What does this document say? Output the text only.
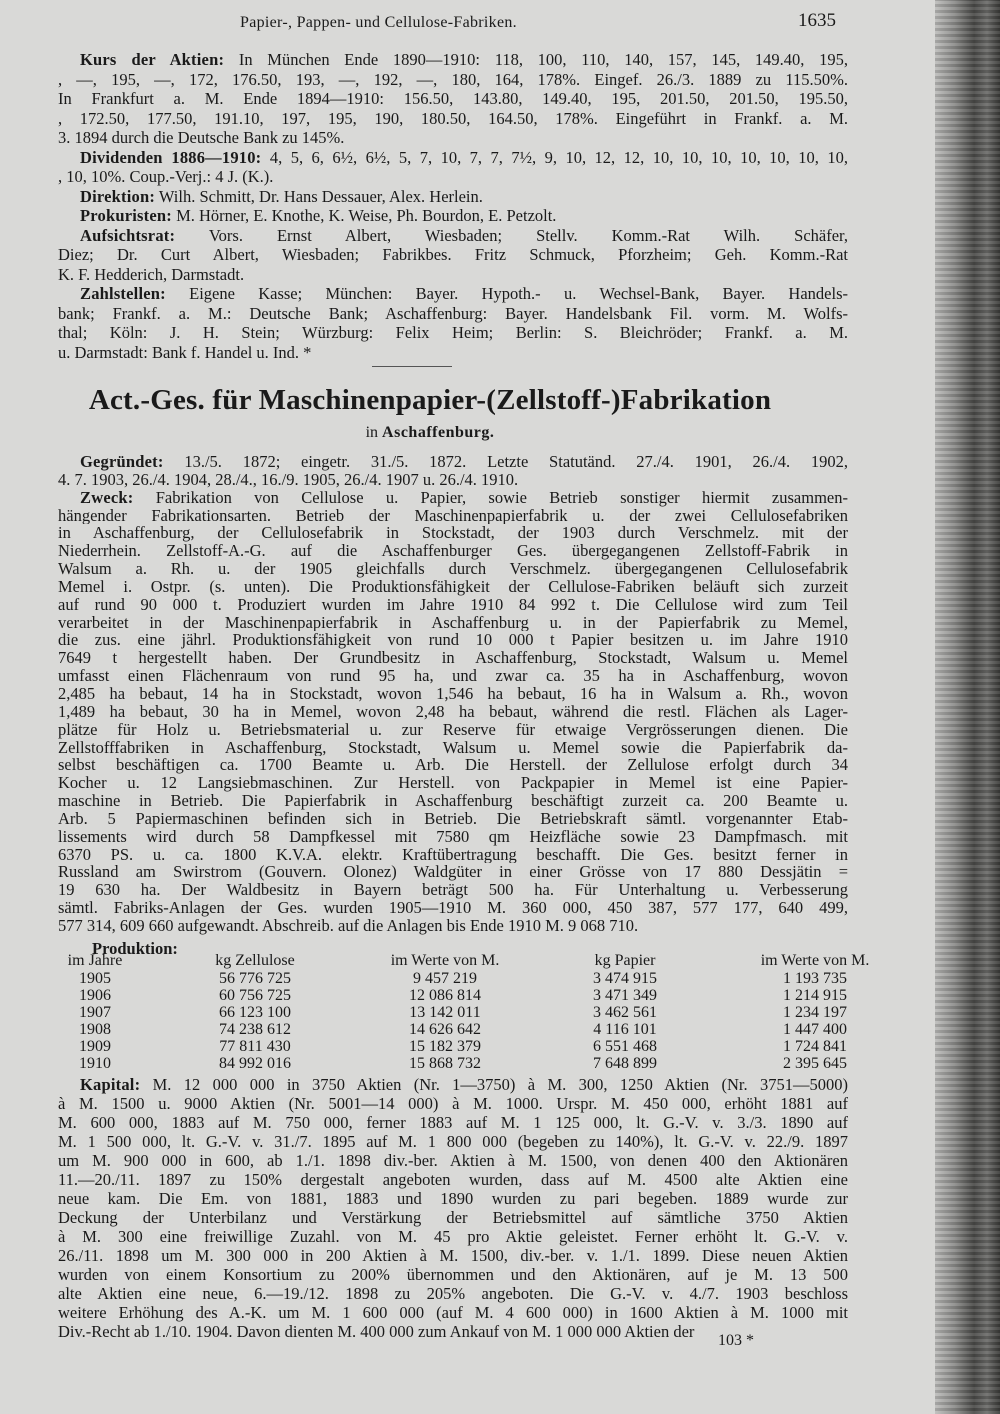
Papier-, Pappen- und Cellulose-Fabriken.	1635
Kurs der Aktien: In München Ende 1890—1910: 118, 100, 110, 140, 157, 145, 149.40, 195,
, —, 195, —, 172, 176.50, 193, —, 192, —, 180, 164, 178%. Eingef. 26./3. 1889 zu 115.50%.
In Frankfurt a. M. Ende 1894—1910: 156.50, 143.80, 149.40, 195, 201.50, 201.50, 195.50,
, 172.50, 177.50, 191.10, 197, 195, 190, 180.50, 164.50, 178%. Eingeführt in Frankf. a. M.
3. 1894 durch die Deutsche Bank zu 145%.
Dividenden 1886—1910: 4, 5, 6, 6½, 6½, 5, 7, 10, 7, 7, 7½, 9, 10, 12, 12, 10, 10, 10, 10, 10, 10, 10,
, 10, 10%. Coup.-Verj.: 4 J. (K.).
Direktion: Wilh. Schmitt, Dr. Hans Dessauer, Alex. Herlein.
Prokuristen: M. Hörner, E. Knothe, K. Weise, Ph. Bourdon, E. Petzolt.
Aufsichtsrat: Vors. Ernst Albert, Wiesbaden; Stellv. Komm.-Rat Wilh. Schäfer,
Diez; Dr. Curt Albert, Wiesbaden; Fabrikbes. Fritz Schmuck, Pforzheim; Geh. Komm.-Rat
K. F. Hedderich, Darmstadt.
Zahlstellen: Eigene Kasse; München: Bayer. Hypoth.- u. Wechsel-Bank, Bayer. Handels-
bank; Frankf. a. M.: Deutsche Bank; Aschaffenburg: Bayer. Handelsbank Fil. vorm. M. Wolfs-
thal; Köln: J. H. Stein; Würzburg: Felix Heim; Berlin: S. Bleichröder; Frankf. a. M.
u. Darmstadt: Bank f. Handel u. Ind. *
Act.-Ges. für Maschinenpapier-(Zellstoff-)Fabrikation
in Aschaffenburg.
Gegründet: 13./5. 1872; eingetr. 31./5. 1872. Letzte Statutänd. 27./4. 1901, 26./4. 1902,
4. 7. 1903, 26./4. 1904, 28./4., 16./9. 1905, 26./4. 1907 u. 26./4. 1910.
Zweck: Fabrikation von Cellulose u. Papier, sowie Betrieb sonstiger hiermit zusammen-
hängender Fabrikationsarten. Betrieb der Maschinenpapierfabrik u. der zwei Cellulosefabriken
in Aschaffenburg, der Cellulosefabrik in Stockstadt, der 1903 durch Verschmelz. mit der
Niederrhein. Zellstoff-A.-G. auf die Aschaffenburger Ges. übergegangenen Zellstoff-Fabrik in
Walsum a. Rh. u. der 1905 gleichfalls durch Verschmelz. übergegangenen Cellulosefabrik
Memel i. Ostpr. (s. unten). Die Produktionsfähigkeit der Cellulose-Fabriken beläuft sich zurzeit
auf rund 90 000 t. Produziert wurden im Jahre 1910 84 992 t. Die Cellulose wird zum Teil
verarbeitet in der Maschinenpapierfabrik in Aschaffenburg u. in der Papierfabrik zu Memel,
die zus. eine jährl. Produktionsfähigkeit von rund 10 000 t Papier besitzen u. im Jahre 1910
7649 t hergestellt haben. Der Grundbesitz in Aschaffenburg, Stockstadt, Walsum u. Memel
umfasst einen Flächenraum von rund 95 ha, und zwar ca. 35 ha in Aschaffenburg, wovon
2,485 ha bebaut, 14 ha in Stockstadt, wovon 1,546 ha bebaut, 16 ha in Walsum a. Rh., wovon
1,489 ha bebaut, 30 ha in Memel, wovon 2,48 ha bebaut, während die restl. Flächen als Lager-
plätze für Holz u. Betriebsmaterial u. zur Reserve für etwaige Vergrösserungen dienen. Die
Zellstofffabriken in Aschaffenburg, Stockstadt, Walsum u. Memel sowie die Papierfabrik da-
selbst beschäftigen ca. 1700 Beamte u. Arb. Die Herstell. der Zellulose erfolgt durch 34
Kocher u. 12 Langsiebmaschinen. Zur Herstell. von Packpapier in Memel ist eine Papier-
maschine in Betrieb. Die Papierfabrik in Aschaffenburg beschäftigt zurzeit ca. 200 Beamte u.
Arb. 5 Papiermaschinen befinden sich in Betrieb. Die Betriebskraft sämtl. vorgenannter Etab-
lissements wird durch 58 Dampfkessel mit 7580 qm Heizfläche sowie 23 Dampfmasch. mit
6370 PS. u. ca. 1800 K.V.A. elektr. Kraftübertragung beschafft. Die Ges. besitzt ferner in
Russland am Swirstrom (Gouvern. Olonez) Waldgüter in einer Grösse von 17 880 Dessjätin =
19 630 ha. Der Waldbesitz in Bayern beträgt 500 ha. Für Unterhaltung u. Verbesserung
sämtl. Fabriks-Anlagen der Ges. wurden 1905—1910 M. 360 000, 450 387, 577 177, 640 499,
577 314, 609 660 aufgewandt. Abschreib. auf die Anlagen bis Ende 1910 M. 9 068 710.
Produktion:
im Jahre	kg Zellulose	im Werte von M.	kg Papier	im Werte von M.
1905	56 776 725	9 457 219	3 474 915	1 193 735
1906	60 756 725	12 086 814	3 471 349	1 214 915
1907	66 123 100	13 142 011	3 462 561	1 234 197
1908	74 238 612	14 626 642	4 116 101	1 447 400
1909	77 811 430	15 182 379	6 551 468	1 724 841
1910	84 992 016	15 868 732	7 648 899	2 395 645
Kapital: M. 12 000 000 in 3750 Aktien (Nr. 1—3750) à M. 300, 1250 Aktien (Nr. 3751—5000)
à M. 1500 u. 9000 Aktien (Nr. 5001—14 000) à M. 1000. Urspr. M. 450 000, erhöht 1881 auf
M. 600 000, 1883 auf M. 750 000, ferner 1883 auf M. 1 125 000, lt. G.-V. v. 3./3. 1890 auf
M. 1 500 000, lt. G.-V. v. 31./7. 1895 auf M. 1 800 000 (begeben zu 140%), lt. G.-V. v. 22./9. 1897
um M. 900 000 in 600, ab 1./1. 1898 div.-ber. Aktien à M. 1500, von denen 400 den Aktionären
11.—20./11. 1897 zu 150% dergestalt angeboten wurden, dass auf M. 4500 alte Aktien eine
neue kam. Die Em. von 1881, 1883 und 1890 wurden zu pari begeben. 1889 wurde zur
Deckung der Unterbilanz und Verstärkung der Betriebsmittel auf sämtliche 3750 Aktien
à M. 300 eine freiwillige Zuzahl. von M. 45 pro Aktie geleistet. Ferner erhöht lt. G.-V. v.
26./11. 1898 um M. 300 000 in 200 Aktien à M. 1500, div.-ber. v. 1./1. 1899. Diese neuen Aktien
wurden von einem Konsortium zu 200% übernommen und den Aktionären, auf je M. 13 500
alte Aktien eine neue, 6.—19./12. 1898 zu 205% angeboten. Die G.-V. v. 4./7. 1903 beschloss
weitere Erhöhung des A.-K. um M. 1 600 000 (auf M. 4 600 000) in 1600 Aktien à M. 1000 mit
Div.-Recht ab 1./10. 1904. Davon dienten M. 400 000 zum Ankauf von M. 1 000 000 Aktien der	103 *
